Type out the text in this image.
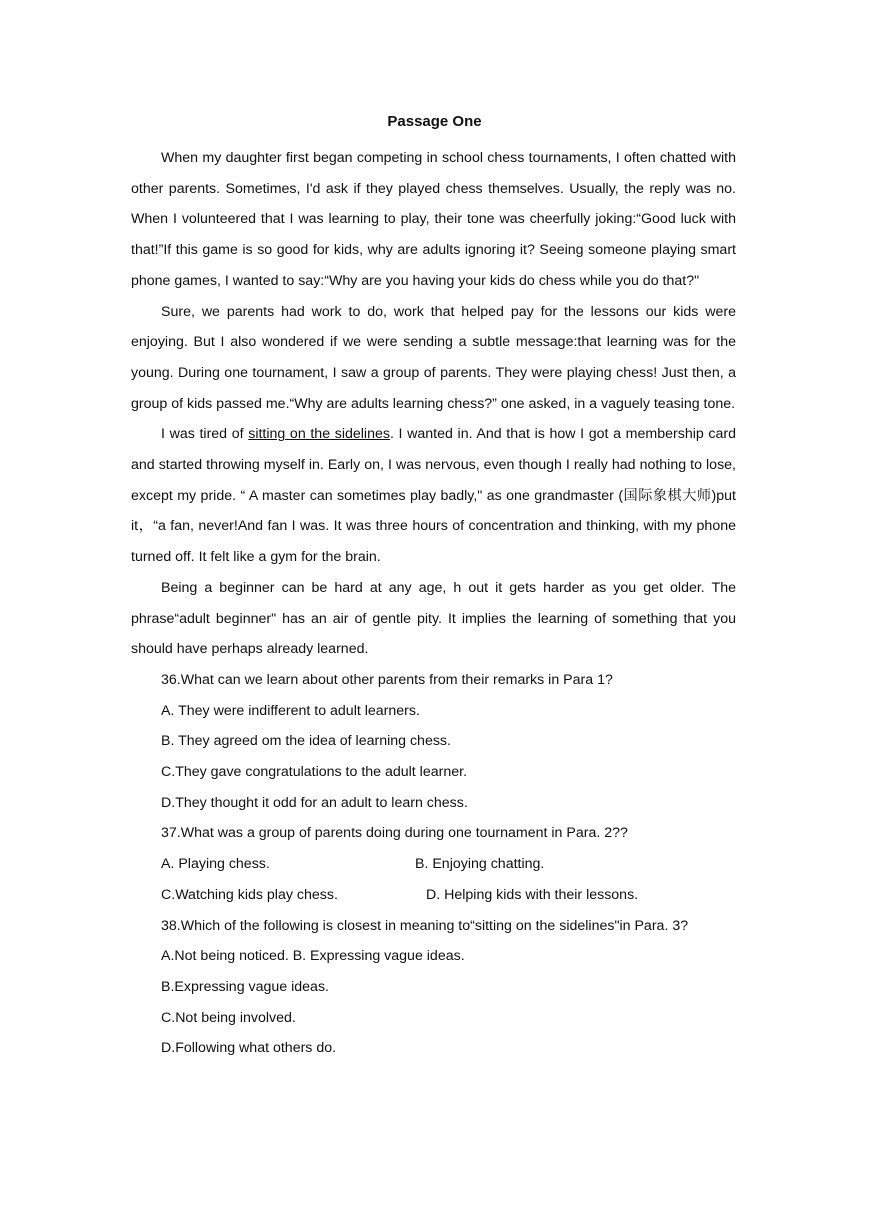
Passage One

When my daughter first began competing in school chess tournaments, I often chatted with other parents. Sometimes, I'd ask if they played chess themselves. Usually, the reply was no. When I volunteered that I was learning to play, their tone was cheerfully joking:“Good luck with that!”If this game is so good for kids, why are adults ignoring it? Seeing someone playing smart phone games, I wanted to say:“Why are you having your kids do chess while you do that?"

Sure, we parents had work to do, work that helped pay for the lessons our kids were enjoying. But I also wondered if we were sending a subtle message:that learning was for the young. During one tournament, I saw a group of parents. They were playing chess! Just then, a group of kids passed me.“Why are adults learning chess?” one asked, in a vaguely teasing tone.

I was tired of sitting on the sidelines. I wanted in. And that is how I got a membership card and started throwing myself in. Early on, I was nervous, even though I really had nothing to lose, except my pride. “ A master can sometimes play badly," as one grandmaster (国际象棋大师)put it，“a fan, never!And fan I was. It was three hours of concentration and thinking, with my phone turned off. It felt like a gym for the brain.

Being a beginner can be hard at any age, h out it gets harder as you get older. The phrase“adult beginner" has an air of gentle pity. It implies the learning of something that you should have perhaps already learned.

36.What can we learn about other parents from their remarks in Para 1?

A. They were indifferent to adult learners.

B. They agreed om the idea of learning chess.

C.They gave congratulations to the adult learner.

D.They thought it odd for an adult to learn chess.

37.What was a group of parents doing during one tournament in Para. 2??

A. Playing chess.	B. Enjoying chatting.

C.Watching kids play chess.	D. Helping kids with their lessons.

38.Which of the following is closest in meaning to“sitting on the sidelines"in Para. 3?

A.Not being noticed. B. Expressing vague ideas.

B.Expressing vague ideas.

C.Not being involved.

D.Following what others do.
